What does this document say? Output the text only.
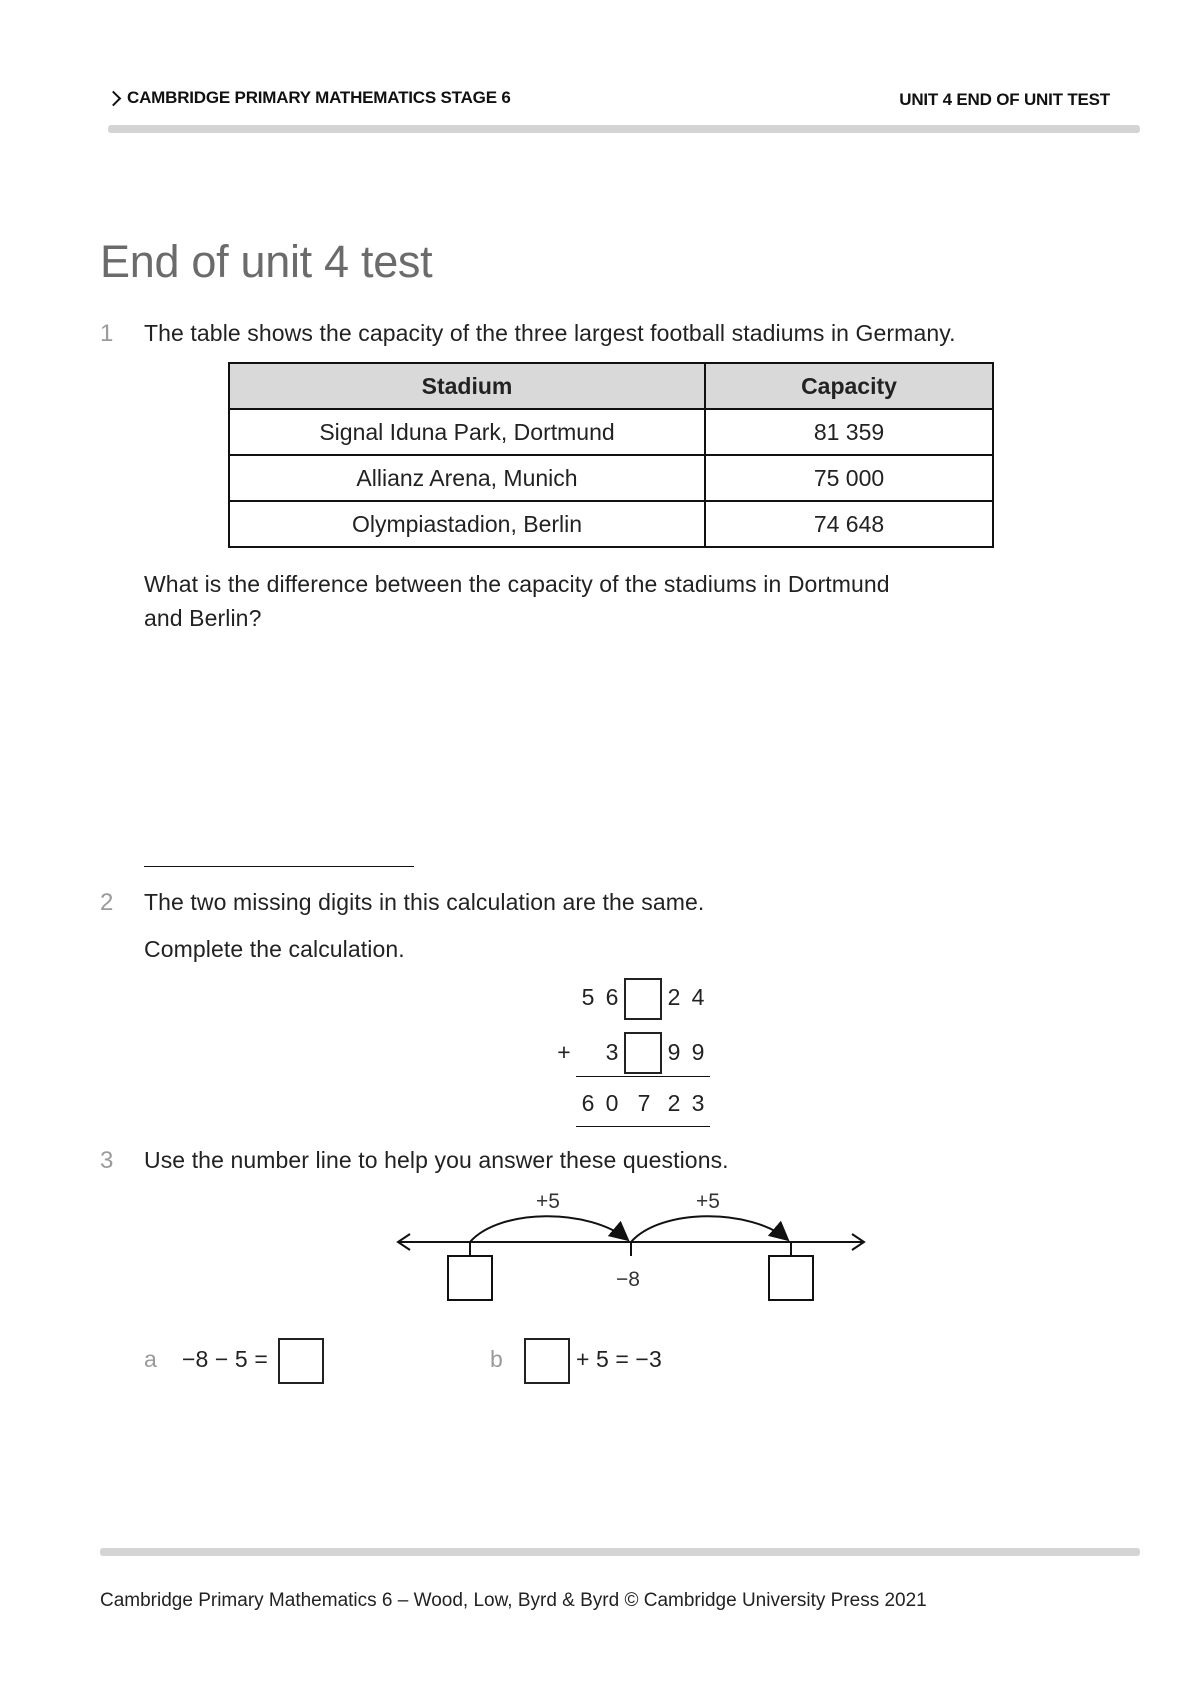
CAMBRIDGE PRIMARY MATHEMATICS STAGE 6	UNIT 4 END OF UNIT TEST
End of unit 4 test
1 The table shows the capacity of the three largest football stadiums in Germany.
Stadium	Capacity
Signal Iduna Park, Dortmund	81 359
Allianz Arena, Munich	75 000
Olympiastadion, Berlin	74 648
What is the difference between the capacity of the stadiums in Dortmund
and Berlin?
2 The two missing digits in this calculation are the same.
Complete the calculation.
5 6 2 4
+ 3 9 9
6 0 7 2 3
3 Use the number line to help you answer these questions.
+5	+5
−8
a −8 − 5 =	b	+ 5 = −3
Cambridge Primary Mathematics 6 – Wood, Low, Byrd & Byrd © Cambridge University Press 2021
